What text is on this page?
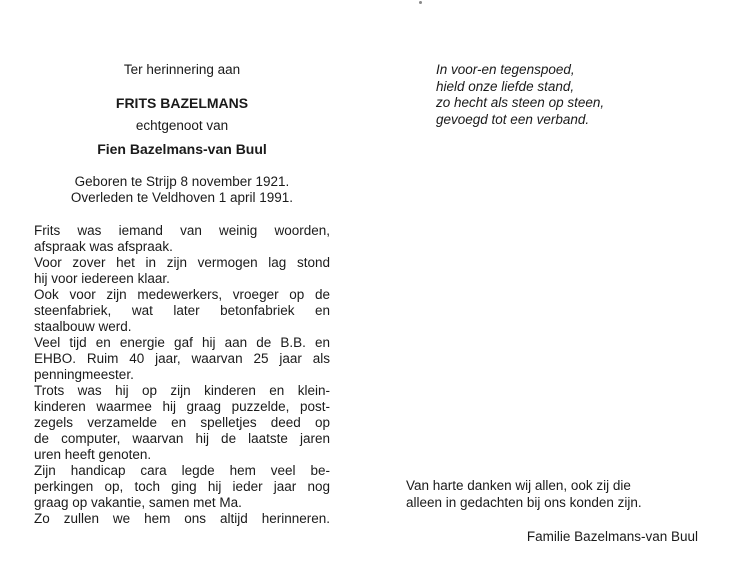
Ter herinnering aan
FRITS BAZELMANS
echtgenoot van
Fien Bazelmans-van Buul
Geboren te Strijp 8 november 1921.
Overleden te Veldhoven 1 april 1991.
Frits was iemand van weinig woorden,
afspraak was afspraak.
Voor zover het in zijn vermogen lag stond
hij voor iedereen klaar.
Ook voor zijn medewerkers, vroeger op de
steenfabriek, wat later betonfabriek en
staalbouw werd.
Veel tijd en energie gaf hij aan de B.B. en
EHBO. Ruim 40 jaar, waarvan 25 jaar als
penningmeester.
Trots was hij op zijn kinderen en klein-
kinderen waarmee hij graag puzzelde, post-
zegels verzamelde en spelletjes deed op
de computer, waarvan hij de laatste jaren
uren heeft genoten.
Zijn handicap cara legde hem veel be-
perkingen op, toch ging hij ieder jaar nog
graag op vakantie, samen met Ma.
Zo zullen we hem ons altijd herinneren.
In voor-en tegenspoed,
hield onze liefde stand,
zo hecht als steen op steen,
gevoegd tot een verband.
Van harte danken wij allen, ook zij die
alleen in gedachten bij ons konden zijn.
Familie Bazelmans-van Buul
